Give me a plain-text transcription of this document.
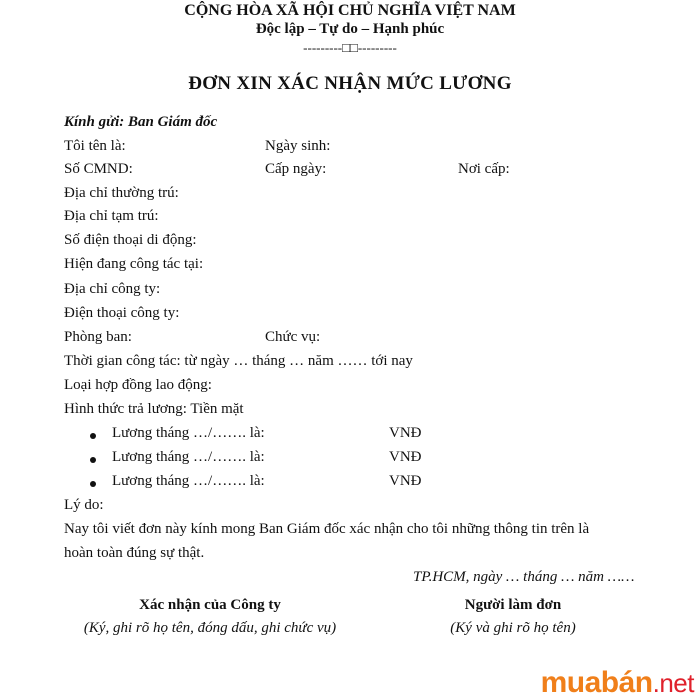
CỘNG HÒA XÃ HỘI CHỦ NGHĨA VIỆT NAM
Độc lập – Tự do – Hạnh phúc
---------□□---------
ĐƠN XIN XÁC NHẬN MỨC LƯƠNG
Kính gửi: Ban Giám đốc
Tôi tên là:	Ngày sinh:
Số CMND:	Cấp ngày:	Nơi cấp:
Địa chỉ thường trú:
Địa chỉ tạm trú:
Số điện thoại di động:
Hiện đang công tác tại:
Địa chỉ công ty:
Điện thoại công ty:
Phòng ban:	Chức vụ:
Thời gian công tác: từ ngày … tháng … năm …… tới nay
Loại hợp đồng lao động:
Hình thức trả lương: Tiền mặt
Lương tháng …/……. là:	VNĐ
Lương tháng …/……. là:	VNĐ
Lương tháng …/……. là:	VNĐ
Lý do:
Nay tôi viết đơn này kính mong Ban Giám đốc xác nhận cho tôi những thông tin trên là
hoàn toàn đúng sự thật.
TP.HCM, ngày … tháng … năm ……
Xác nhận của Công ty
(Ký, ghi rõ họ tên, đóng dấu, ghi chức vụ)
Người làm đơn
(Ký và ghi rõ họ tên)
muabán.net
